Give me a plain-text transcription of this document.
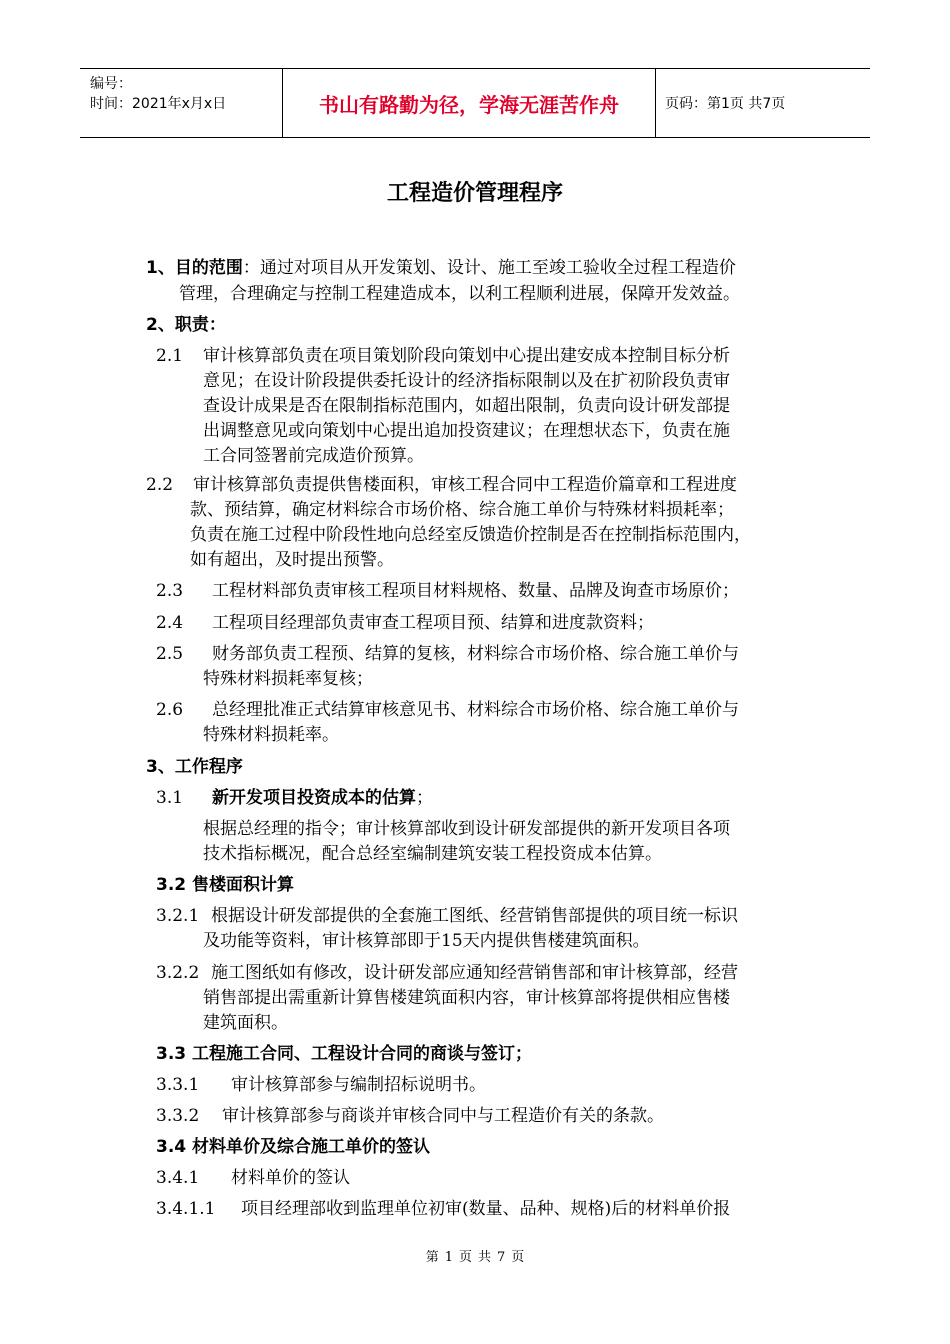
编号：
时间：2021年x月x日	书山有路勤为径，学海无涯苦作舟	页码：第1页 共7页
工程造价管理程序
1、目的范围：通过对项目从开发策划、设计、施工至竣工验收全过程工程造价
管理，合理确定与控制工程建造成本，以利工程顺利进展，保障开发效益。
2、职责：
2.1 审计核算部负责在项目策划阶段向策划中心提出建安成本控制目标分析
意见；在设计阶段提供委托设计的经济指标限制以及在扩初阶段负责审
查设计成果是否在限制指标范围内，如超出限制，负责向设计研发部提
出调整意见或向策划中心提出追加投资建议；在理想状态下，负责在施
工合同签署前完成造价预算。
2.2 审计核算部负责提供售楼面积，审核工程合同中工程造价篇章和工程进度
款、预结算，确定材料综合市场价格、综合施工单价与特殊材料损耗率；
负责在施工过程中阶段性地向总经室反馈造价控制是否在控制指标范围内，
如有超出，及时提出预警。
2.3 工程材料部负责审核工程项目材料规格、数量、品牌及询查市场原价；
2.4 工程项目经理部负责审查工程项目预、结算和进度款资料；
2.5 财务部负责工程预、结算的复核，材料综合市场价格、综合施工单价与
特殊材料损耗率复核；
2.6 总经理批准正式结算审核意见书、材料综合市场价格、综合施工单价与
特殊材料损耗率。
3、工作程序
3.1 新开发项目投资成本的估算；
根据总经理的指令；审计核算部收到设计研发部提供的新开发项目各项
技术指标概况，配合总经室编制建筑安装工程投资成本估算。
3.2 售楼面积计算
3.2.1 根据设计研发部提供的全套施工图纸、经营销售部提供的项目统一标识
及功能等资料，审计核算部即于15天内提供售楼建筑面积。
3.2.2 施工图纸如有修改，设计研发部应通知经营销售部和审计核算部，经营
销售部提出需重新计算售楼建筑面积内容，审计核算部将提供相应售楼
建筑面积。
3.3 工程施工合同、工程设计合同的商谈与签订；
3.3.1 审计核算部参与编制招标说明书。
3.3.2 审计核算部参与商谈并审核合同中与工程造价有关的条款。
3.4 材料单价及综合施工单价的签认
3.4.1 材料单价的签认
3.4.1.1 项目经理部收到监理单位初审(数量、品种、规格)后的材料单价报
第 1 页 共 7 页
